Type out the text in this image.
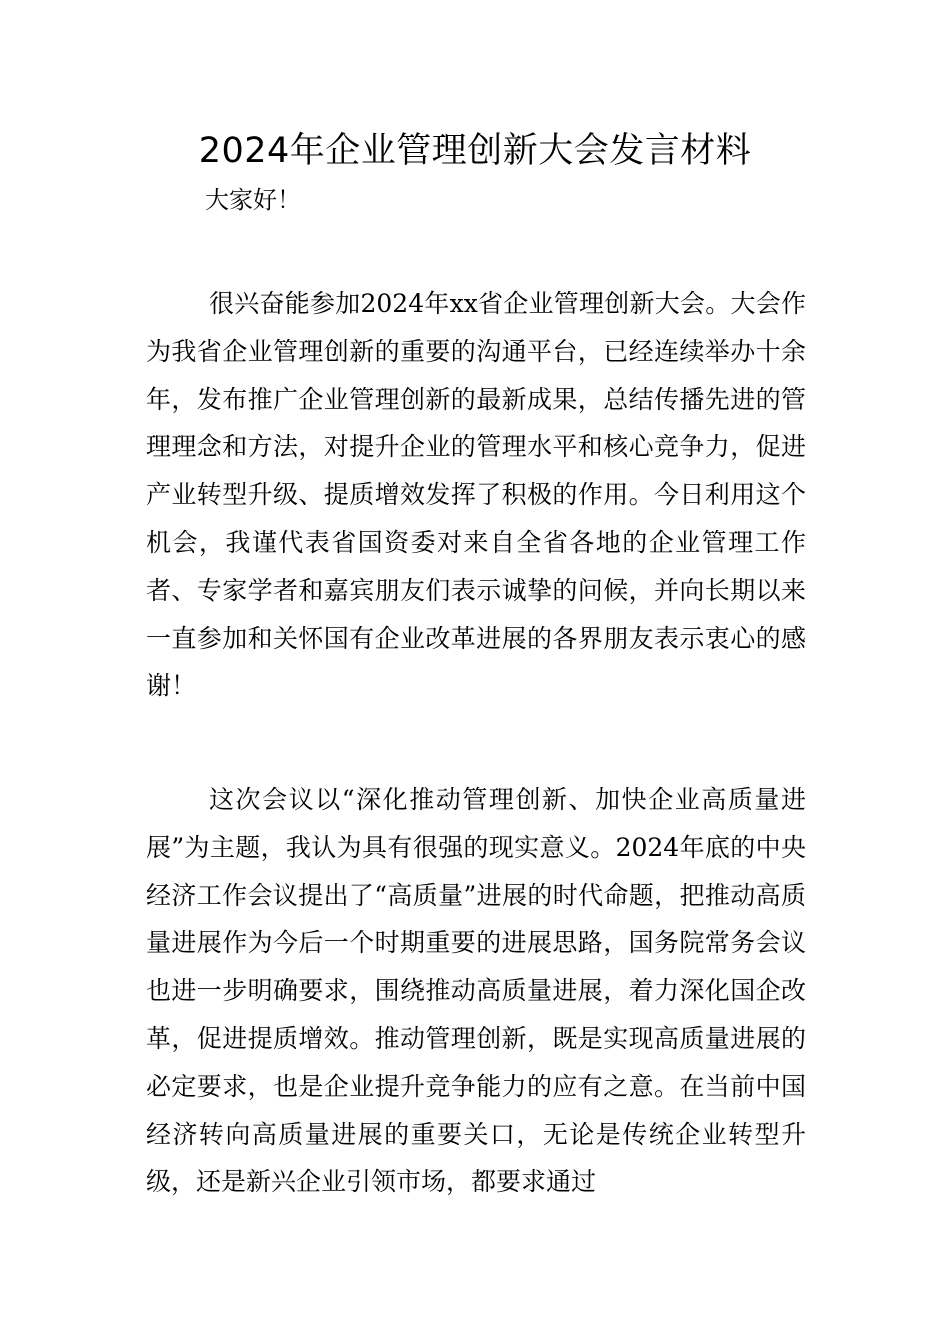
2024年企业管理创新大会发言材料
大家好！

很兴奋能参加2024年xx省企业管理创新大会。大会作为我省企业管理创新的重要的沟通平台，已经连续举办十余年，发布推广企业管理创新的最新成果，总结传播先进的管理理念和方法，对提升企业的管理水平和核心竞争力，促进产业转型升级、提质增效发挥了积极的作用。今日利用这个机会，我谨代表省国资委对来自全省各地的企业管理工作者、专家学者和嘉宾朋友们表示诚挚的问候，并向长期以来一直参加和关怀国有企业改革进展的各界朋友表示衷心的感谢！

这次会议以“深化推动管理创新、加快企业高质量进展”为主题，我认为具有很强的现实意义。2024年底的中央经济工作会议提出了“高质量”进展的时代命题，把推动高质量进展作为今后一个时期重要的进展思路，国务院常务会议也进一步明确要求，围绕推动高质量进展，着力深化国企改革，促进提质增效。推动管理创新，既是实现高质量进展的必定要求，也是企业提升竞争能力的应有之意。在当前中国经济转向高质量进展的重要关口，无论是传统企业转型升级，还是新兴企业引领市场，都要求通过
